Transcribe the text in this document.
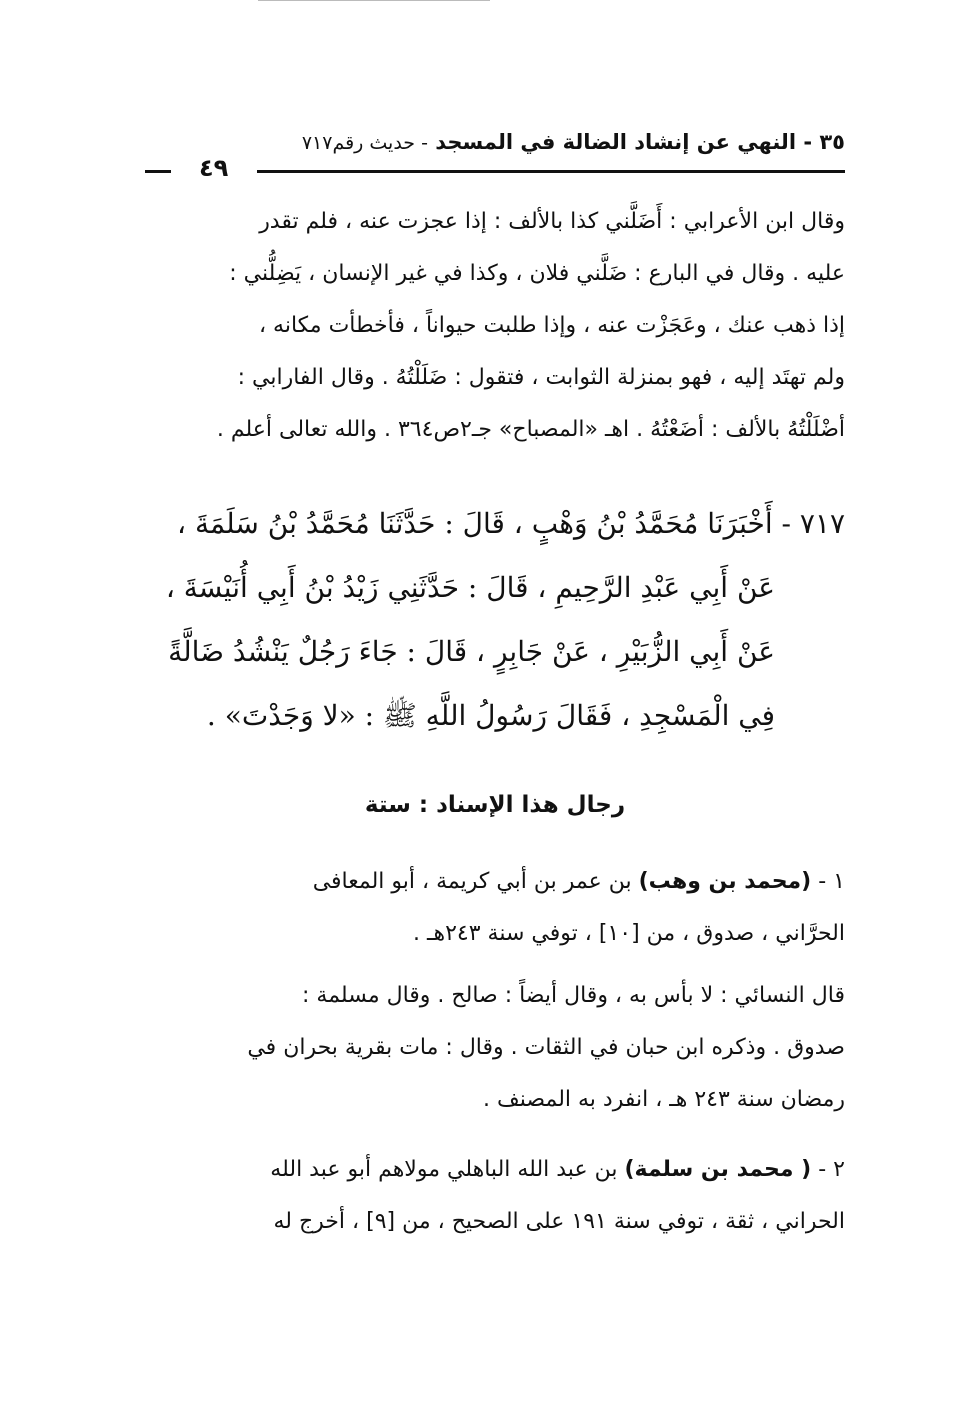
٣٥ - النهي عن إنشاد الضالة في المسجد - حديث رقم٧١٧
٤٩

وقال ابن الأعرابي : أَضَلَّني كذا بالألف : إذا عجزت عنه ، فلم تقدر

عليه . وقال في البارع : ضَلَّني فلان ، وكذا في غير الإنسان ، يَضِلُّني :

إذا ذهب عنك ، وعَجَزْت عنه ، وإذا طلبت حيواناً ، فأخطأت مكانه ،

ولم تهتَد إليه ، فهو بمنزلة الثوابت ، فتقول : ضَلَلْتُهُ . وقال الفارابي :

أضْلَلْتُهُ بالألف : أضَعْتُهُ . اهـ «المصباح» جـ٢ص٣٦٤ . والله تعالى أعلم .

٧١٧ - أَخْبَرَنَا مُحَمَّدُ بْنُ وَهْبٍ ، قَالَ : حَدَّثَنَا مُحَمَّدُ بْنُ سَلَمَةَ ،

عَنْ أَبِي عَبْدِ الرَّحِيمِ ، قَالَ : حَدَّثَنِي زَيْدُ بْنُ أَبِي أُنَيْسَةَ ،

عَنْ أَبِي الزُّبَيْرِ ، عَنْ جَابِرٍ ، قَالَ : جَاءَ رَجُلٌ يَنْشُدُ ضَالَّةً

فِي الْمَسْجِدِ ، فَقَالَ رَسُولُ اللَّهِ ﷺ : «لا وَجَدْتَ» .

رجال هذا الإسناد : ستة

١ - (محمد بن وهب) بن عمر بن أبي كريمة ، أبو المعافى

الحرَّاني ، صدوق ، من [١٠] ، توفي سنة ٢٤٣هـ .

قال النسائي : لا بأس به ، وقال أيضاً : صالح . وقال مسلمة :

صدوق . وذكره ابن حبان في الثقات . وقال : مات بقرية بحران في

رمضان سنة ٢٤٣ هـ ، انفرد به المصنف .

٢ - ( محمد بن سلمة) بن عبد الله الباهلي مولاهم أبو عبد الله

الحراني ، ثقة ، توفي سنة ١٩١ على الصحيح ، من [٩] ، أخرج له
